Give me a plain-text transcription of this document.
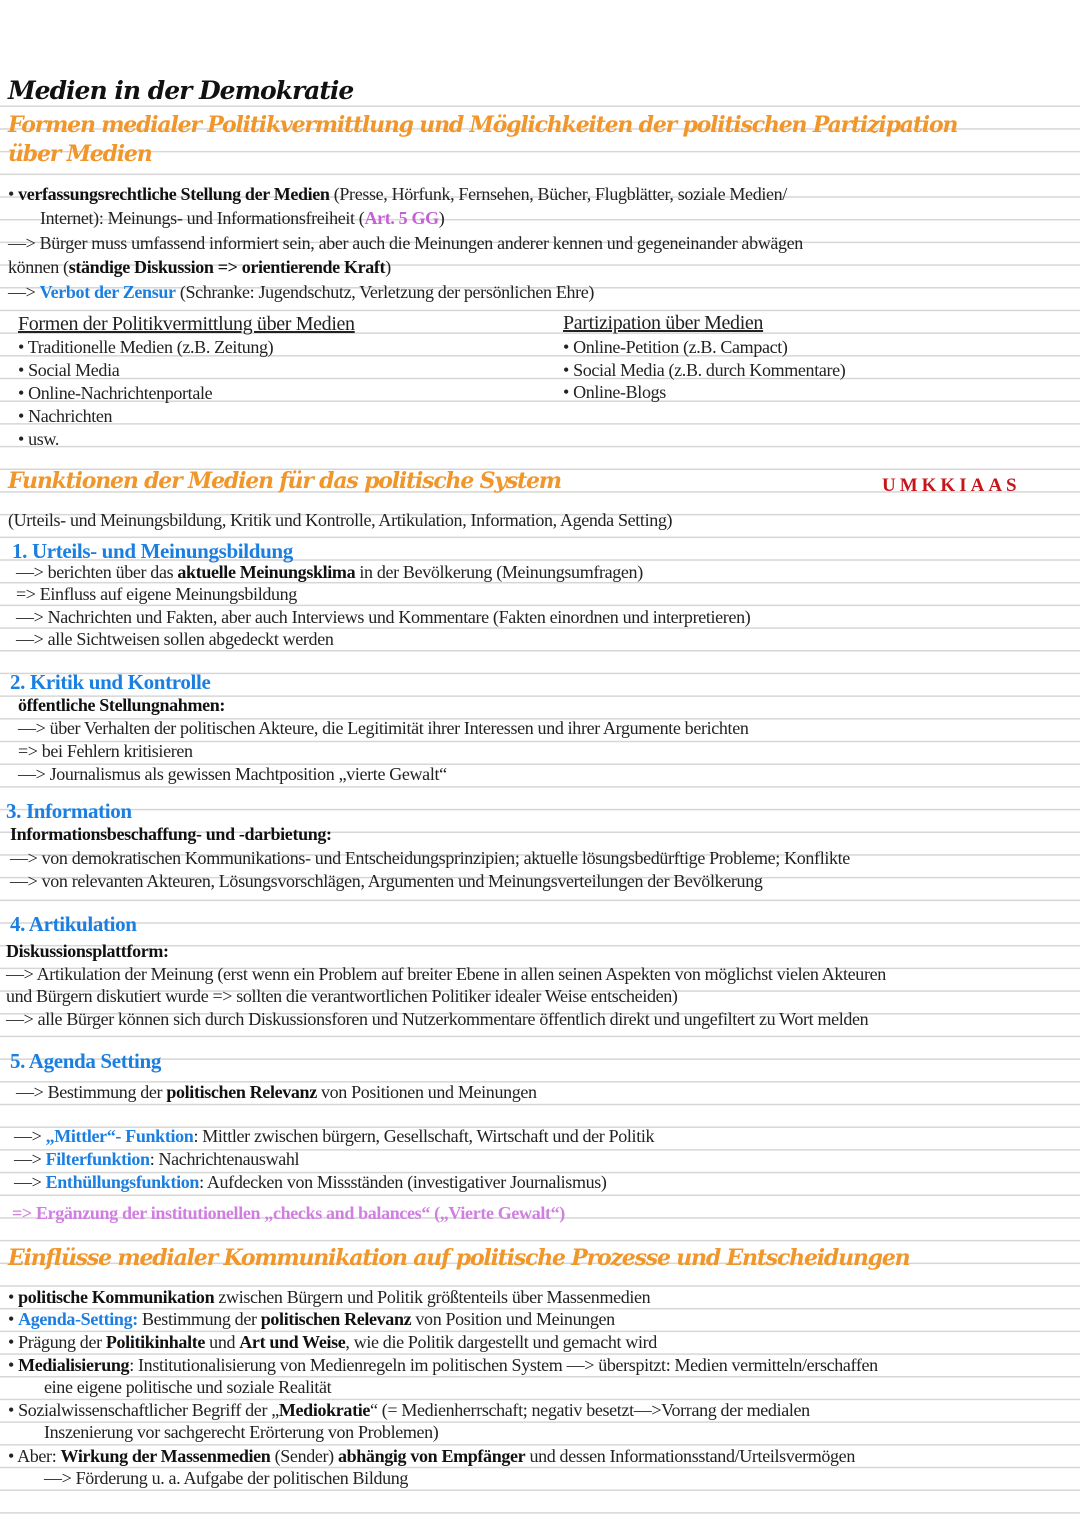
Medien in der Demokratie
Formen medialer Politikvermittlung und Möglichkeiten der politischen Partizipation
über Medien
• verfassungsrechtliche Stellung der Medien (Presse, Hörfunk, Fernsehen, Bücher, Flugblätter, soziale Medien/
Internet): Meinungs- und Informationsfreiheit (Art. 5 GG)
—> Bürger muss umfassend informiert sein, aber auch die Meinungen anderer kennen und gegeneinander abwägen
können (ständige Diskussion => orientierende Kraft)
—> Verbot der Zensur (Schranke: Jugendschutz, Verletzung der persönlichen Ehre)
Formen der Politikvermittlung über Medien
• Traditionelle Medien (z.B. Zeitung)
• Social Media
• Online-Nachrichtenportale
• Nachrichten
• usw.
Partizipation über Medien
• Online-Petition (z.B. Campact)
• Social Media (z.B. durch Kommentare)
• Online-Blogs
Funktionen der Medien für das politische System	UMKKIAAS
(Urteils- und Meinungsbildung, Kritik und Kontrolle, Artikulation, Information, Agenda Setting)
1. Urteils- und Meinungsbildung
—> berichten über das aktuelle Meinungsklima in der Bevölkerung (Meinungsumfragen)
=> Einfluss auf eigene Meinungsbildung
—> Nachrichten und Fakten, aber auch Interviews und Kommentare (Fakten einordnen und interpretieren)
—> alle Sichtweisen sollen abgedeckt werden
2. Kritik und Kontrolle
öffentliche Stellungnahmen:
—> über Verhalten der politischen Akteure, die Legitimität ihrer Interessen und ihrer Argumente berichten
=> bei Fehlern kritisieren
—> Journalismus als gewissen Machtposition „vierte Gewalt“
3. Information
Informationsbeschaffung- und -darbietung:
—> von demokratischen Kommunikations- und Entscheidungsprinzipien; aktuelle lösungsbedürftige Probleme; Konflikte
—> von relevanten Akteuren, Lösungsvorschlägen, Argumenten und Meinungsverteilungen der Bevölkerung
4. Artikulation
Diskussionsplattform:
—> Artikulation der Meinung (erst wenn ein Problem auf breiter Ebene in allen seinen Aspekten von möglichst vielen Akteuren
und Bürgern diskutiert wurde => sollten die verantwortlichen Politiker idealer Weise entscheiden)
—> alle Bürger können sich durch Diskussionsforen und Nutzerkommentare öffentlich direkt und ungefiltert zu Wort melden
5. Agenda Setting
—> Bestimmung der politischen Relevanz von Positionen und Meinungen
—> „Mittler“- Funktion: Mittler zwischen bürgern, Gesellschaft, Wirtschaft und der Politik
—> Filterfunktion: Nachrichtenauswahl
—> Enthüllungsfunktion: Aufdecken von Missständen (investigativer Journalismus)
=> Ergänzung der institutionellen „checks and balances“ („Vierte Gewalt“)
Einflüsse medialer Kommunikation auf politische Prozesse und Entscheidungen
• politische Kommunikation zwischen Bürgern und Politik größtenteils über Massenmedien
• Agenda-Setting: Bestimmung der politischen Relevanz von Position und Meinungen
• Prägung der Politikinhalte und Art und Weise, wie die Politik dargestellt und gemacht wird
• Medialisierung: Institutionalisierung von Medienregeln im politischen System —> überspitzt: Medien vermitteln/erschaffen
eine eigene politische und soziale Realität
• Sozialwissenschaftlicher Begriff der „Mediokratie“ (= Medienherrschaft; negativ besetzt—>Vorrang der medialen
Inszenierung vor sachgerecht Erörterung von Problemen)
• Aber: Wirkung der Massenmedien (Sender) abhängig von Empfänger und dessen Informationsstand/Urteilsvermögen
—> Förderung u. a. Aufgabe der politischen Bildung
